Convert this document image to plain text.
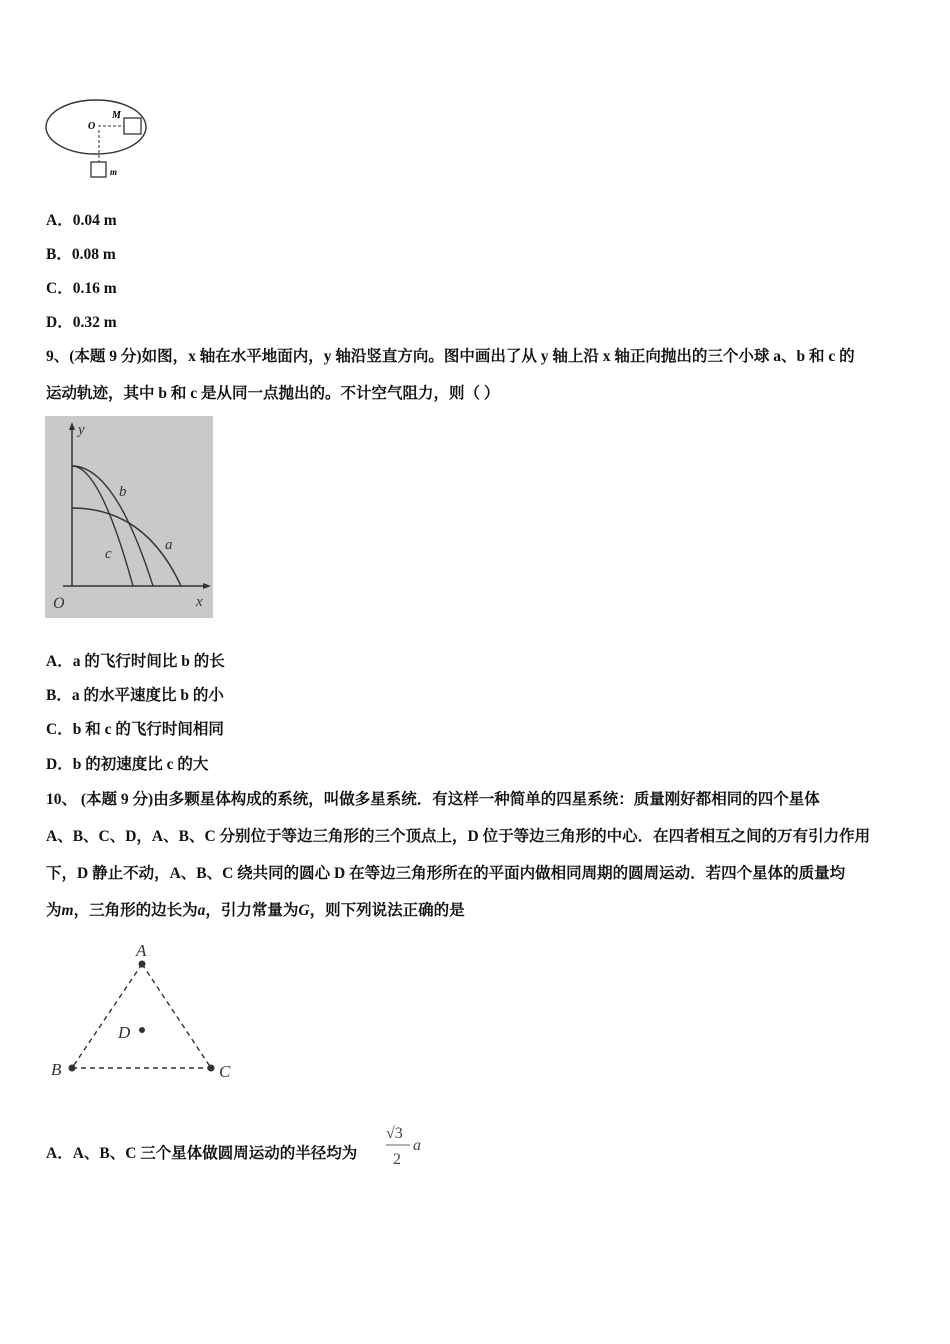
O
M
m
A．0.04 m
B．0.08 m
C．0.16 m
D．0.32 m
9、(本题 9 分)如图，x 轴在水平地面内，y 轴沿竖直方向。图中画出了从 y 轴上沿 x 轴正向抛出的三个小球 a、b 和 c 的
运动轨迹，其中 b 和 c 是从同一点抛出的。不计空气阻力，则（ ）
y
x
O
b
c
a
A．a 的飞行时间比 b 的长
B．a 的水平速度比 b 的小
C．b 和 c 的飞行时间相同
D．b 的初速度比 c 的大
10、 (本题 9 分)由多颗星体构成的系统，叫做多星系统．有这样一种简单的四星系统：质量刚好都相同的四个星体
A、B、C、D，A、B、C 分别位于等边三角形的三个顶点上，D 位于等边三角形的中心．在四者相互之间的万有引力作用
下，D 静止不动，A、B、C 绕共同的圆心 D 在等边三角形所在的平面内做相同周期的圆周运动．若四个星体的质量均
为m，三角形的边长为a，引力常量为G，则下列说法正确的是
A
B	C
D
A．A、B、C 三个星体做圆周运动的半径均为
√3
2
a
